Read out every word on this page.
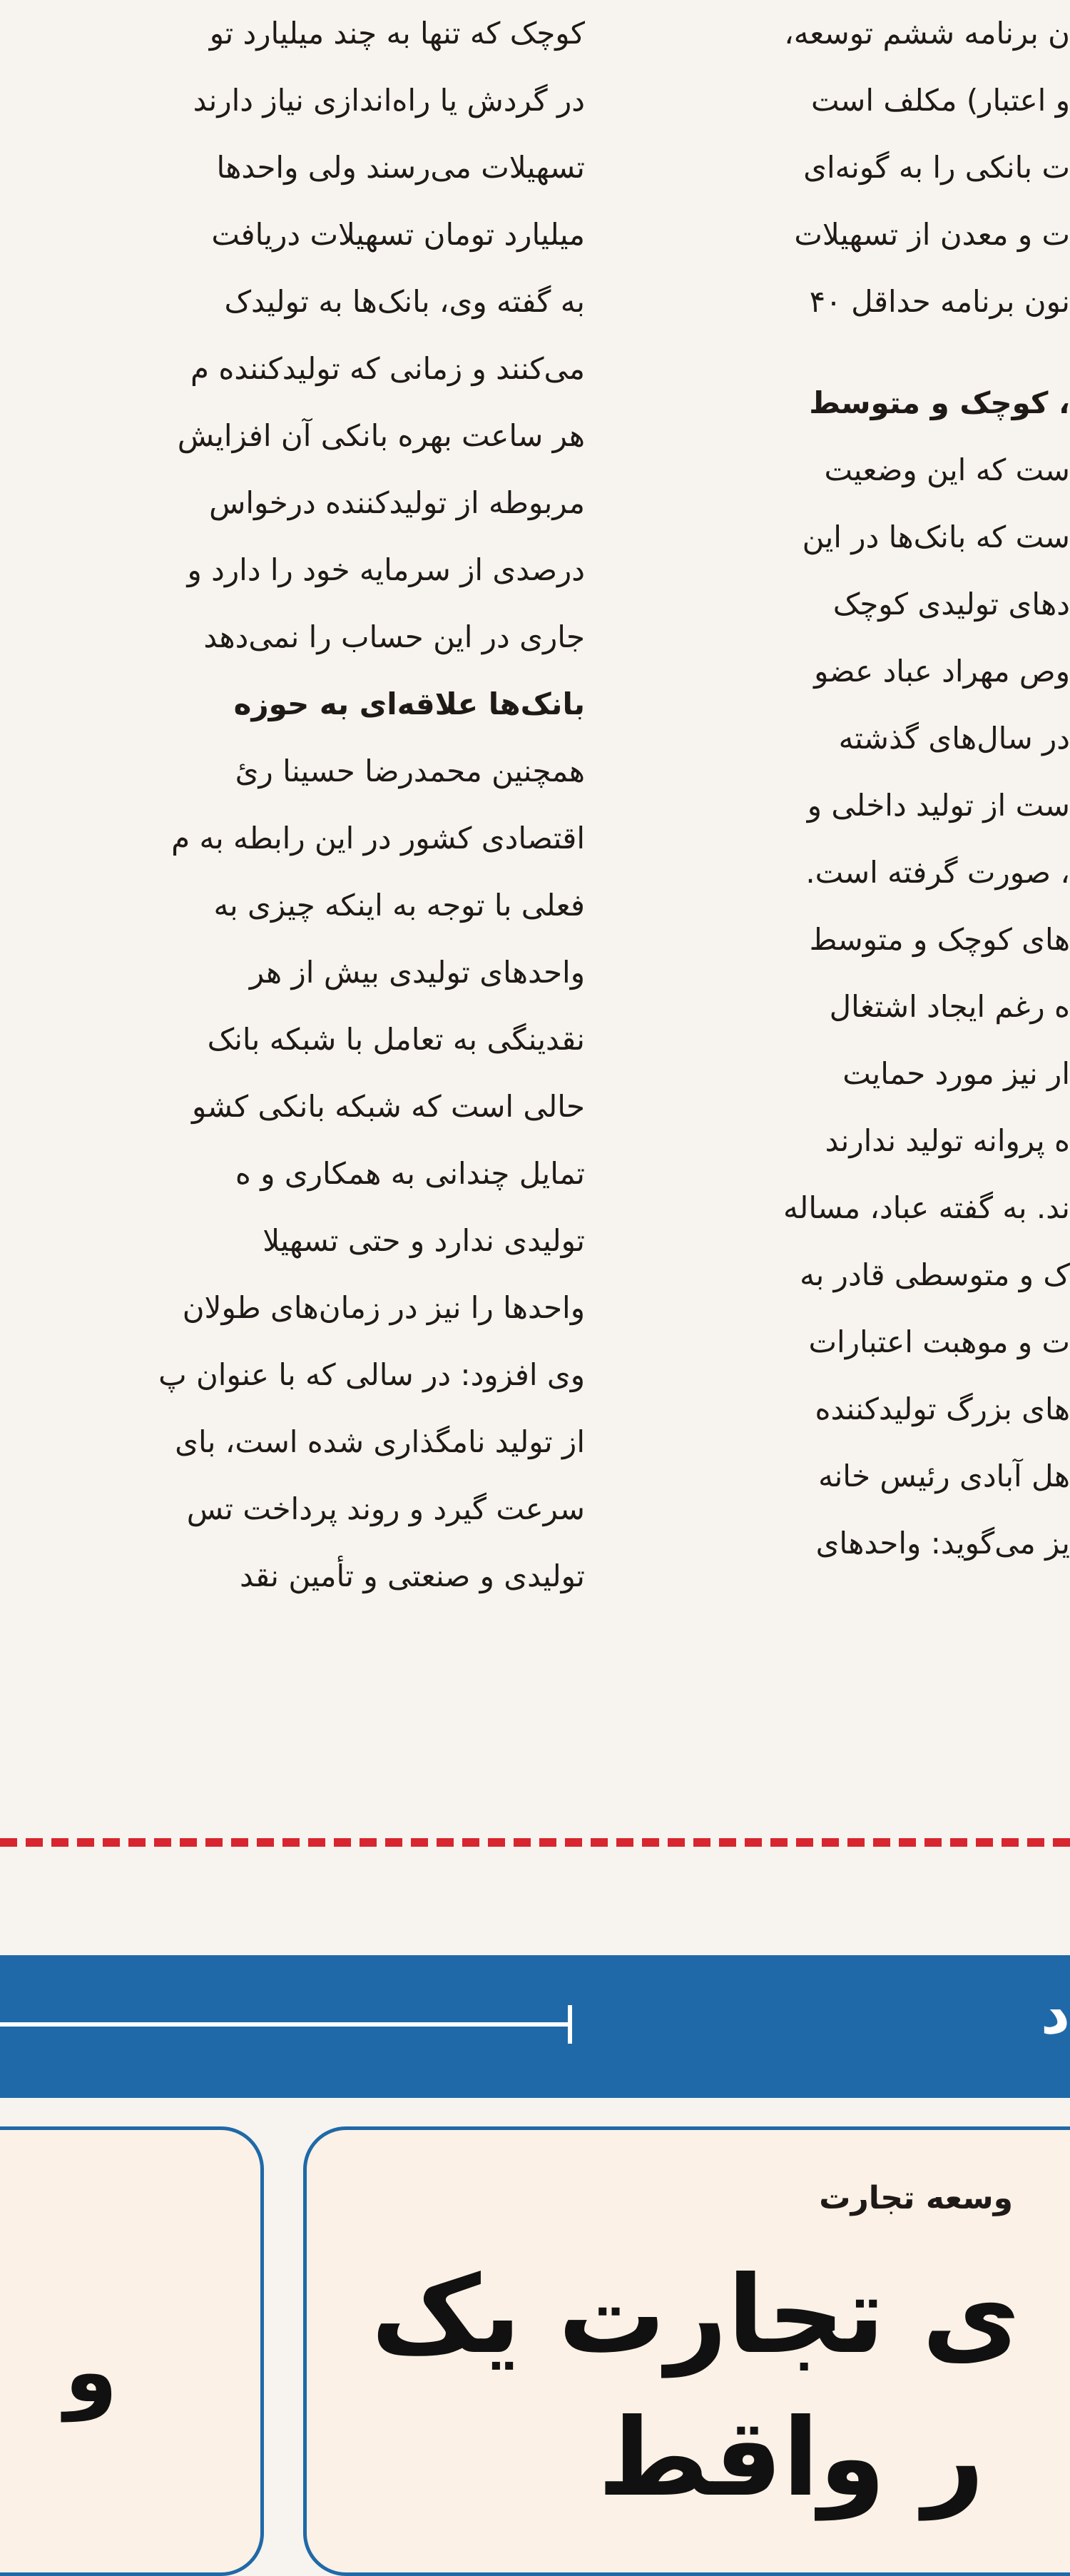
کوچک که تنها به چند میلیارد تو
در گردش یا راه‌اندازی نیاز دارند
تسهیلات می‌رسند ولی واحدها
میلیارد تومان تسهیلات دریافت
به گفته وی، بانک‌ها به تولیدک
می‌کنند و زمانی که تولیدکننده م
هر ساعت بهره بانکی آن افزایش
مربوطه از تولیدکننده درخواس
درصدی از سرمایه خود را دارد و
جاری در این حساب را نمی‌دهد
بانک‌ها علاقه‌ای به حوزه
همچنین محمدرضا حسینا رئ
اقتصادی کشور در این رابطه به م
فعلی با توجه به اینکه چیزی به
واحدهای تولیدی بیش از هر
نقدینگی به تعامل با شبکه بانک
حالی است که شبکه بانکی کشو
تمایل چندانی به همکاری و ه
تولیدی ندارد و حتی تسهیلا
واحدها را نیز در زمان‌های طولان
وی افزود: در سالی که با عنوان پ
از تولید نامگذاری شده است، بای
سرعت گیرد و روند پرداخت تس
تولیدی و صنعتی و تأمین نقد
ن برنامه ششم توسعه،
و اعتبار) مکلف است
ت بانکی را به گونه‌ای
ت و معدن از تسهیلات
نون برنامه حداقل ۴۰
، کوچک و متوسط
ست که این وضعیت
ست که بانک‌ها در این
دهای تولیدی کوچک
وص مهراد عباد عضو
در سال‌های گذشته
ست از تولید داخلی و
، صورت گرفته است.
های کوچک و متوسط
ه رغم ایجاد اشتغال
ار نیز مورد حمایت
ه پروانه تولید ندارند
ند. به گفته عباد، مساله
ک و متوسطی قادر به
ت و موهبت اعتبارات
های بزرگ تولیدکننده
هل آبادی رئیس خانه
یز می‌گوید: واحدهای
د
و
وسعه تجارت
ی تجارت یک
ر واقط
